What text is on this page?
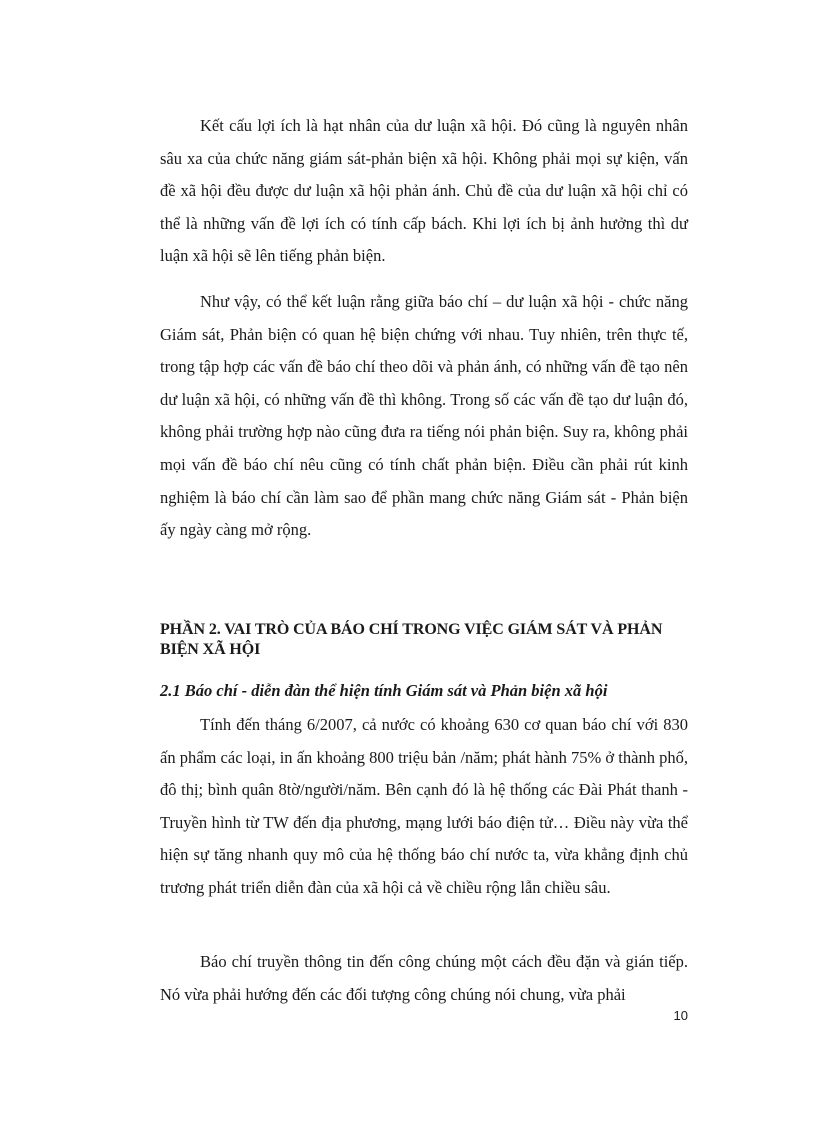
Kết cấu lợi ích là hạt nhân của dư luận xã hội. Đó cũng là nguyên nhân sâu xa của chức năng giám sát-phản biện xã hội. Không phải mọi sự kiện, vấn đề xã hội đều được dư luận xã hội phản ánh. Chủ đề của dư luận xã hội chỉ có thể là những vấn đề lợi ích có tính cấp bách. Khi lợi ích bị ảnh hưởng thì dư luận xã hội sẽ lên tiếng phản biện.

Như vậy, có thể kết luận rằng giữa báo chí – dư luận xã hội - chức năng Giám sát, Phản biện có quan hệ biện chứng với nhau. Tuy nhiên, trên thực tế, trong tập hợp các vấn đề báo chí theo dõi và phản ánh, có những vấn đề tạo nên dư luận xã hội, có những vấn đề thì không. Trong số các vấn đề tạo dư luận đó, không phải trường hợp nào cũng đưa ra tiếng nói phản biện. Suy ra, không phải mọi vấn đề báo chí nêu cũng có tính chất phản biện. Điều cần phải rút kinh nghiệm là báo chí cần làm sao để phần mang chức năng Giám sát - Phản biện ấy ngày càng mở rộng.

PHẦN 2. VAI TRÒ CỦA BÁO CHÍ TRONG VIỆC GIÁM SÁT VÀ PHẢN BIỆN XÃ HỘI
2.1 Báo chí - diễn đàn thể hiện tính Giám sát và Phản biện xã hội

Tính đến tháng 6/2007, cả nước có khoảng 630 cơ quan báo chí với 830 ấn phẩm các loại, in ấn khoảng 800 triệu bản /năm; phát hành 75% ở thành phố, đô thị; bình quân 8tờ/người/năm. Bên cạnh đó là hệ thống các Đài Phát thanh - Truyền hình từ TW đến địa phương, mạng lưới báo điện tử… Điều này vừa thể hiện sự tăng nhanh quy mô của hệ thống báo chí nước ta, vừa khẳng định chủ trương phát triển diễn đàn của xã hội cả về chiều rộng lẫn chiều sâu.

Báo chí truyền thông tin đến công chúng một cách đều đặn và gián tiếp. Nó vừa phải hướng đến các đối tượng công chúng nói chung, vừa phải

10
